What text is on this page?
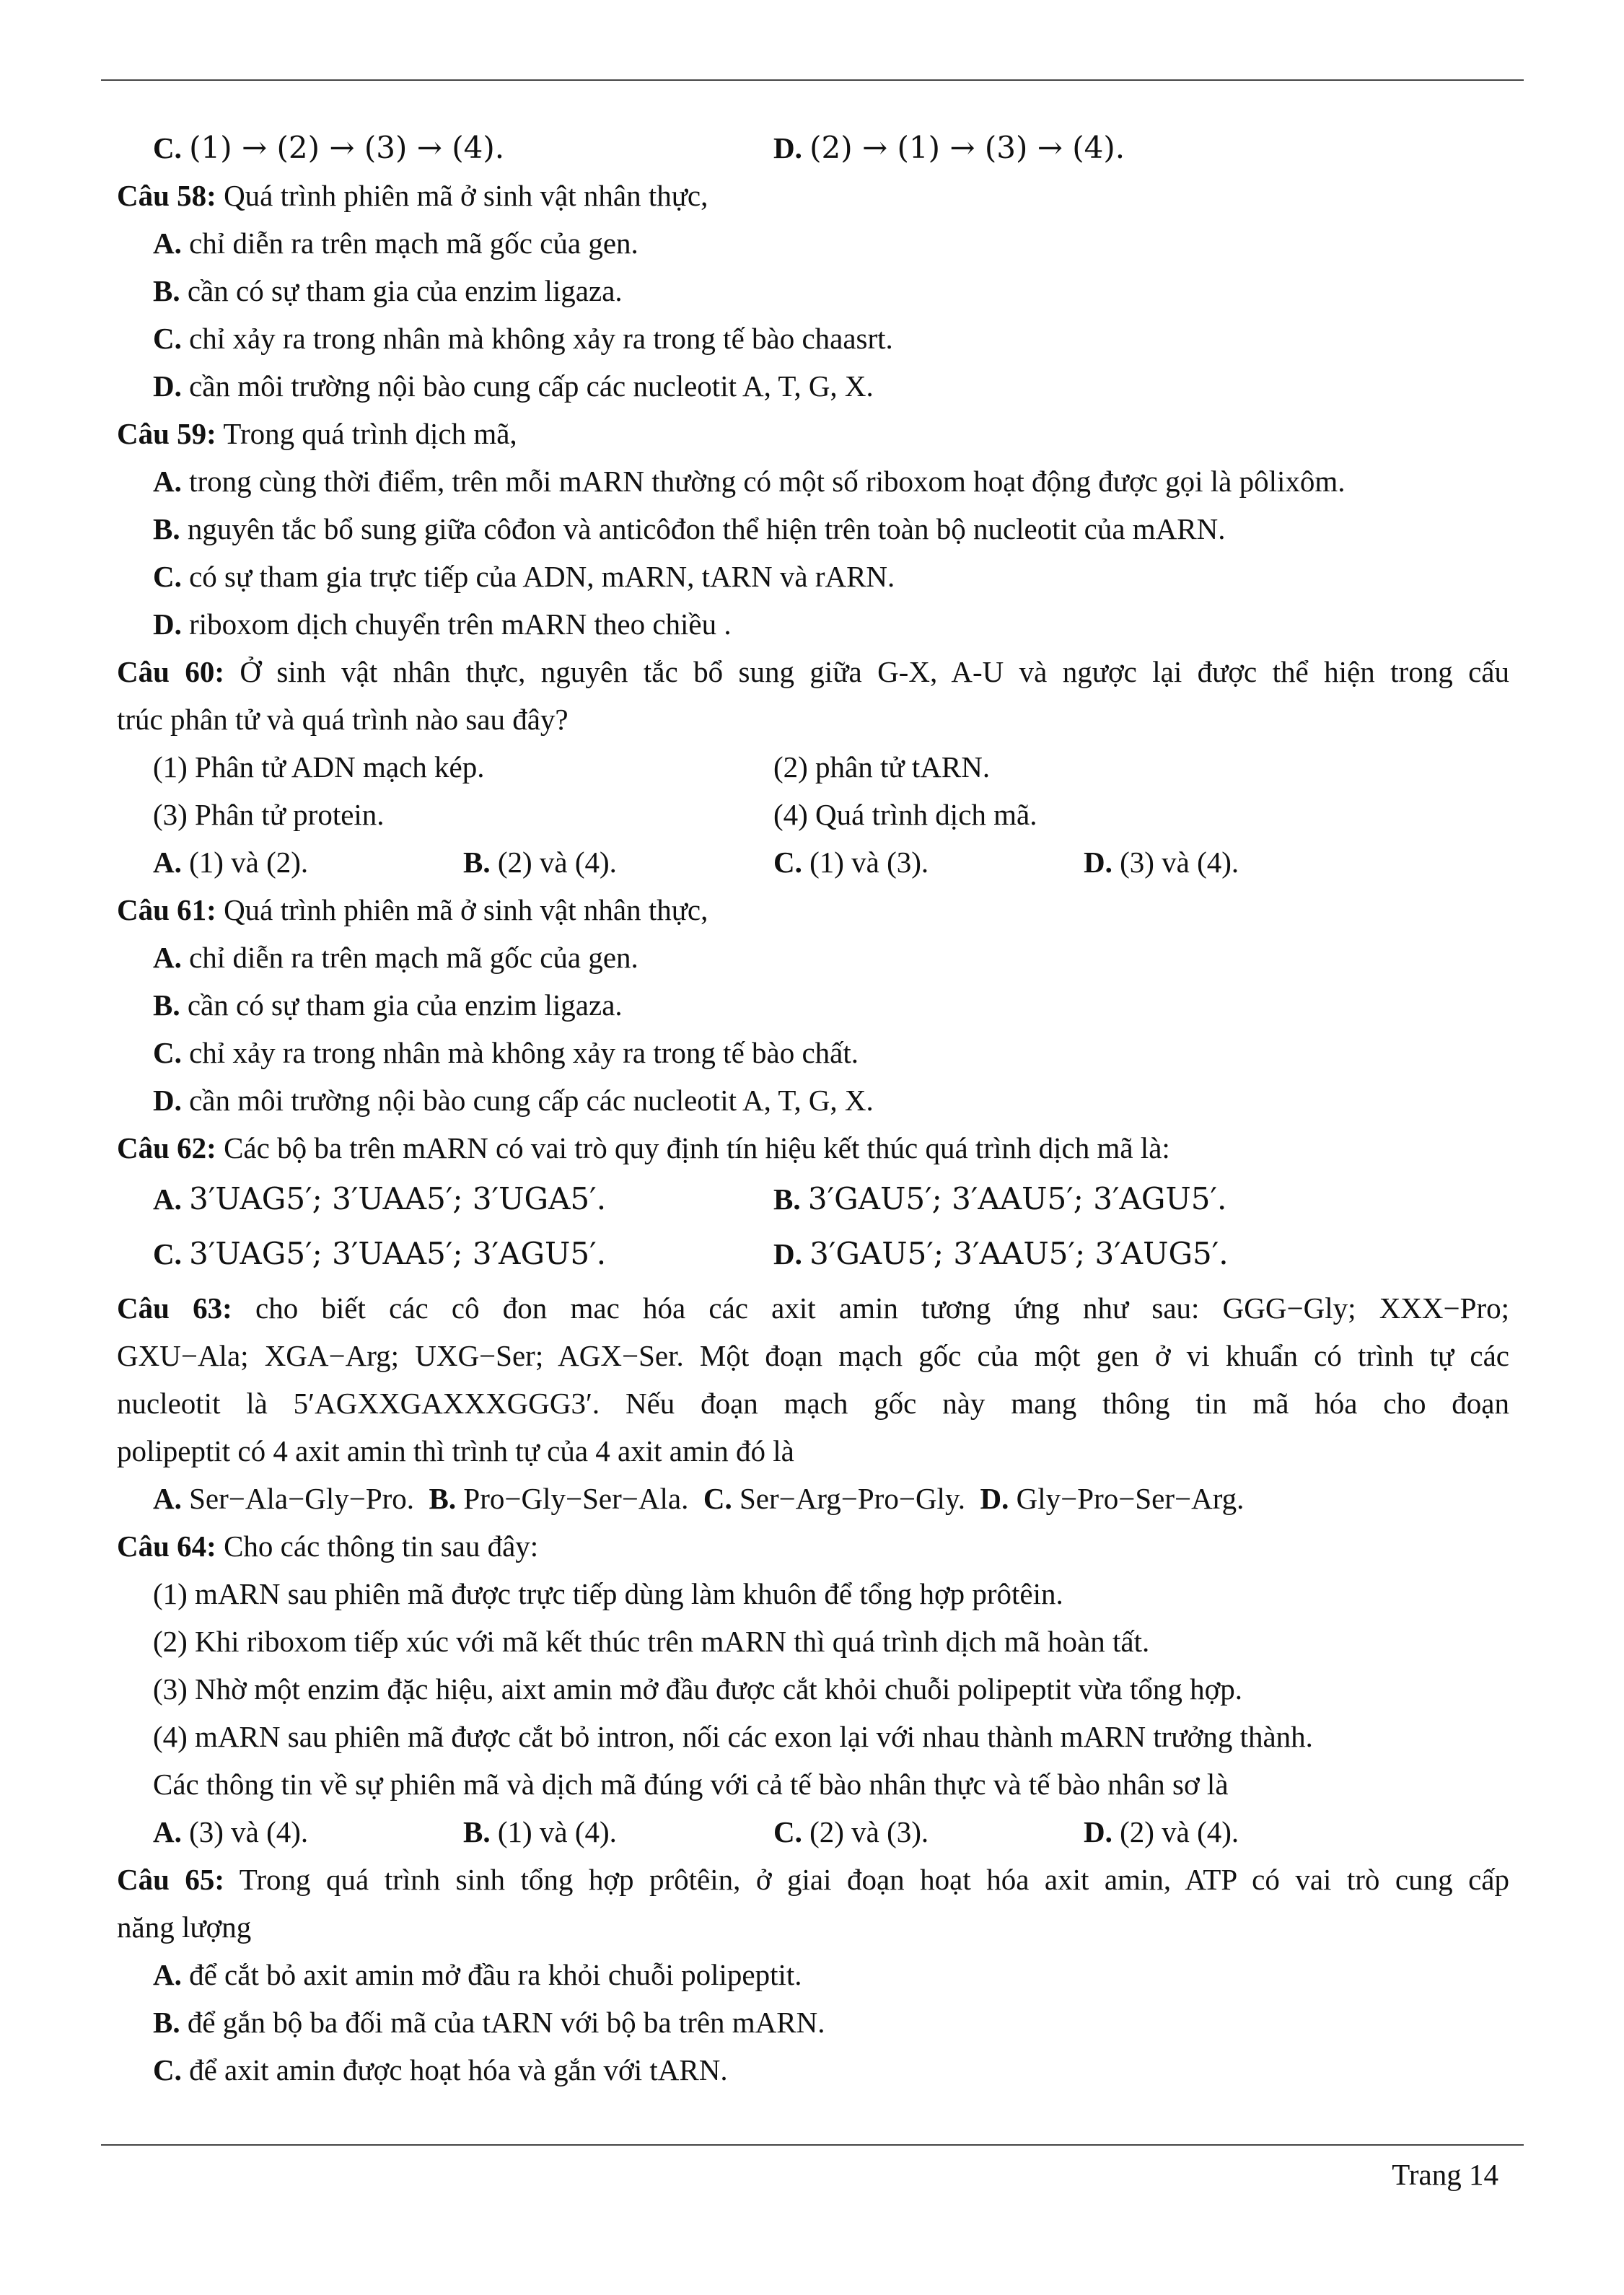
C. (1) → (2) → (3) → (4).	D. (2) → (1) → (3) → (4).
Câu 58: Quá trình phiên mã ở sinh vật nhân thực,
A. chỉ diễn ra trên mạch mã gốc của gen.
B. cần có sự tham gia của enzim ligaza.
C. chỉ xảy ra trong nhân mà không xảy ra trong tế bào chaasrt.
D. cần môi trường nội bào cung cấp các nucleotit A, T, G, X.
Câu 59: Trong quá trình dịch mã,
A. trong cùng thời điểm, trên mỗi mARN thường có một số riboxom hoạt động được gọi là pôlixôm.
B. nguyên tắc bổ sung giữa côđon và anticôđon thể hiện trên toàn bộ nucleotit của mARN.
C. có sự tham gia trực tiếp của ADN, mARN, tARN và rARN.
D. riboxom dịch chuyển trên mARN theo chiều .
Câu 60: Ở sinh vật nhân thực, nguyên tắc bổ sung giữa G-X, A-U và ngược lại được thể hiện trong cấu
trúc phân tử và quá trình nào sau đây?
(1) Phân tử ADN mạch kép.	(2) phân tử tARN.
(3) Phân tử protein.	(4) Quá trình dịch mã.
A. (1) và (2).	B. (2) và (4).	C. (1) và (3).	D. (3) và (4).
Câu 61: Quá trình phiên mã ở sinh vật nhân thực,
A. chỉ diễn ra trên mạch mã gốc của gen.
B. cần có sự tham gia của enzim ligaza.
C. chỉ xảy ra trong nhân mà không xảy ra trong tế bào chất.
D. cần môi trường nội bào cung cấp các nucleotit A, T, G, X.
Câu 62: Các bộ ba trên mARN có vai trò quy định tín hiệu kết thúc quá trình dịch mã là:
A. 3′UAG5′; 3′UAA5′; 3′UGA5′.	B. 3′GAU5′; 3′AAU5′; 3′AGU5′.
C. 3′UAG5′; 3′UAA5′; 3′AGU5′.	D. 3′GAU5′; 3′AAU5′; 3′AUG5′.
Câu 63: cho biết các cô đon mac hóa các axit amin tương ứng như sau: GGG−Gly; XXX−Pro;
GXU−Ala; XGA−Arg; UXG−Ser; AGX−Ser. Một đoạn mạch gốc của một gen ở vi khuẩn có trình tự các
nucleotit là 5′AGXXGAXXXGGG3′. Nếu đoạn mạch gốc này mang thông tin mã hóa cho đoạn
polipeptit có 4 axit amin thì trình tự của 4 axit amin đó là
A. Ser−Ala−Gly−Pro. B. Pro−Gly−Ser−Ala. C. Ser−Arg−Pro−Gly. D. Gly−Pro−Ser−Arg.
Câu 64: Cho các thông tin sau đây:
(1) mARN sau phiên mã được trực tiếp dùng làm khuôn để tổng hợp prôtêin.
(2) Khi riboxom tiếp xúc với mã kết thúc trên mARN thì quá trình dịch mã hoàn tất.
(3) Nhờ một enzim đặc hiệu, aixt amin mở đầu được cắt khỏi chuỗi polipeptit vừa tổng hợp.
(4) mARN sau phiên mã được cắt bỏ intron, nối các exon lại với nhau thành mARN trưởng thành.
Các thông tin về sự phiên mã và dịch mã đúng với cả tế bào nhân thực và tế bào nhân sơ là
A. (3) và (4).	B. (1) và (4).	C. (2) và (3).	D. (2) và (4).
Câu 65: Trong quá trình sinh tổng hợp prôtêin, ở giai đoạn hoạt hóa axit amin, ATP có vai trò cung cấp
năng lượng
A. để cắt bỏ axit amin mở đầu ra khỏi chuỗi polipeptit.
B. để gắn bộ ba đối mã của tARN với bộ ba trên mARN.
C. để axit amin được hoạt hóa và gắn với tARN.
Trang 14
